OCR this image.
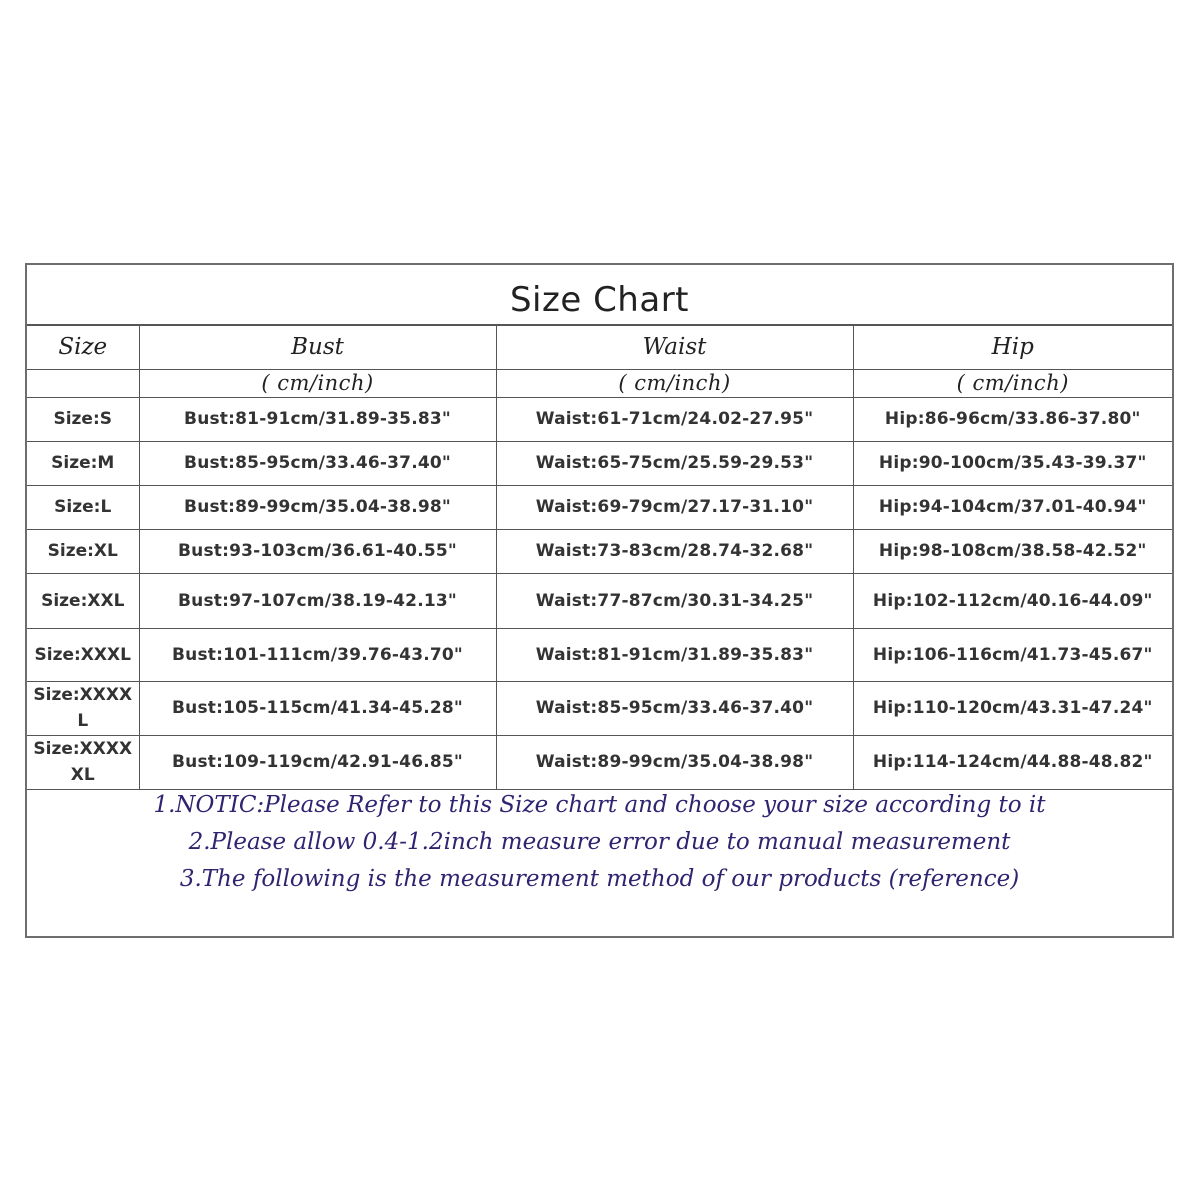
Size Chart
Size	Bust	Waist	Hip
	( cm/inch)	( cm/inch)	( cm/inch)
Size:S	Bust:81-91cm/31.89-35.83"	Waist:61-71cm/24.02-27.95"	Hip:86-96cm/33.86-37.80"
Size:M	Bust:85-95cm/33.46-37.40"	Waist:65-75cm/25.59-29.53"	Hip:90-100cm/35.43-39.37"
Size:L	Bust:89-99cm/35.04-38.98"	Waist:69-79cm/27.17-31.10"	Hip:94-104cm/37.01-40.94"
Size:XL	Bust:93-103cm/36.61-40.55"	Waist:73-83cm/28.74-32.68"	Hip:98-108cm/38.58-42.52"
Size:XXL	Bust:97-107cm/38.19-42.13"	Waist:77-87cm/30.31-34.25"	Hip:102-112cm/40.16-44.09"
Size:XXXL	Bust:101-111cm/39.76-43.70"	Waist:81-91cm/31.89-35.83"	Hip:106-116cm/41.73-45.67"
Size:XXXX
L	Bust:105-115cm/41.34-45.28"	Waist:85-95cm/33.46-37.40"	Hip:110-120cm/43.31-47.24"
Size:XXXX
XL	Bust:109-119cm/42.91-46.85"	Waist:89-99cm/35.04-38.98"	Hip:114-124cm/44.88-48.82"
1.NOTIC:Please Refer to this Size chart and choose your size according to it
2.Please allow 0.4-1.2inch measure error due to manual measurement
3.The following is the measurement method of our products (reference)
